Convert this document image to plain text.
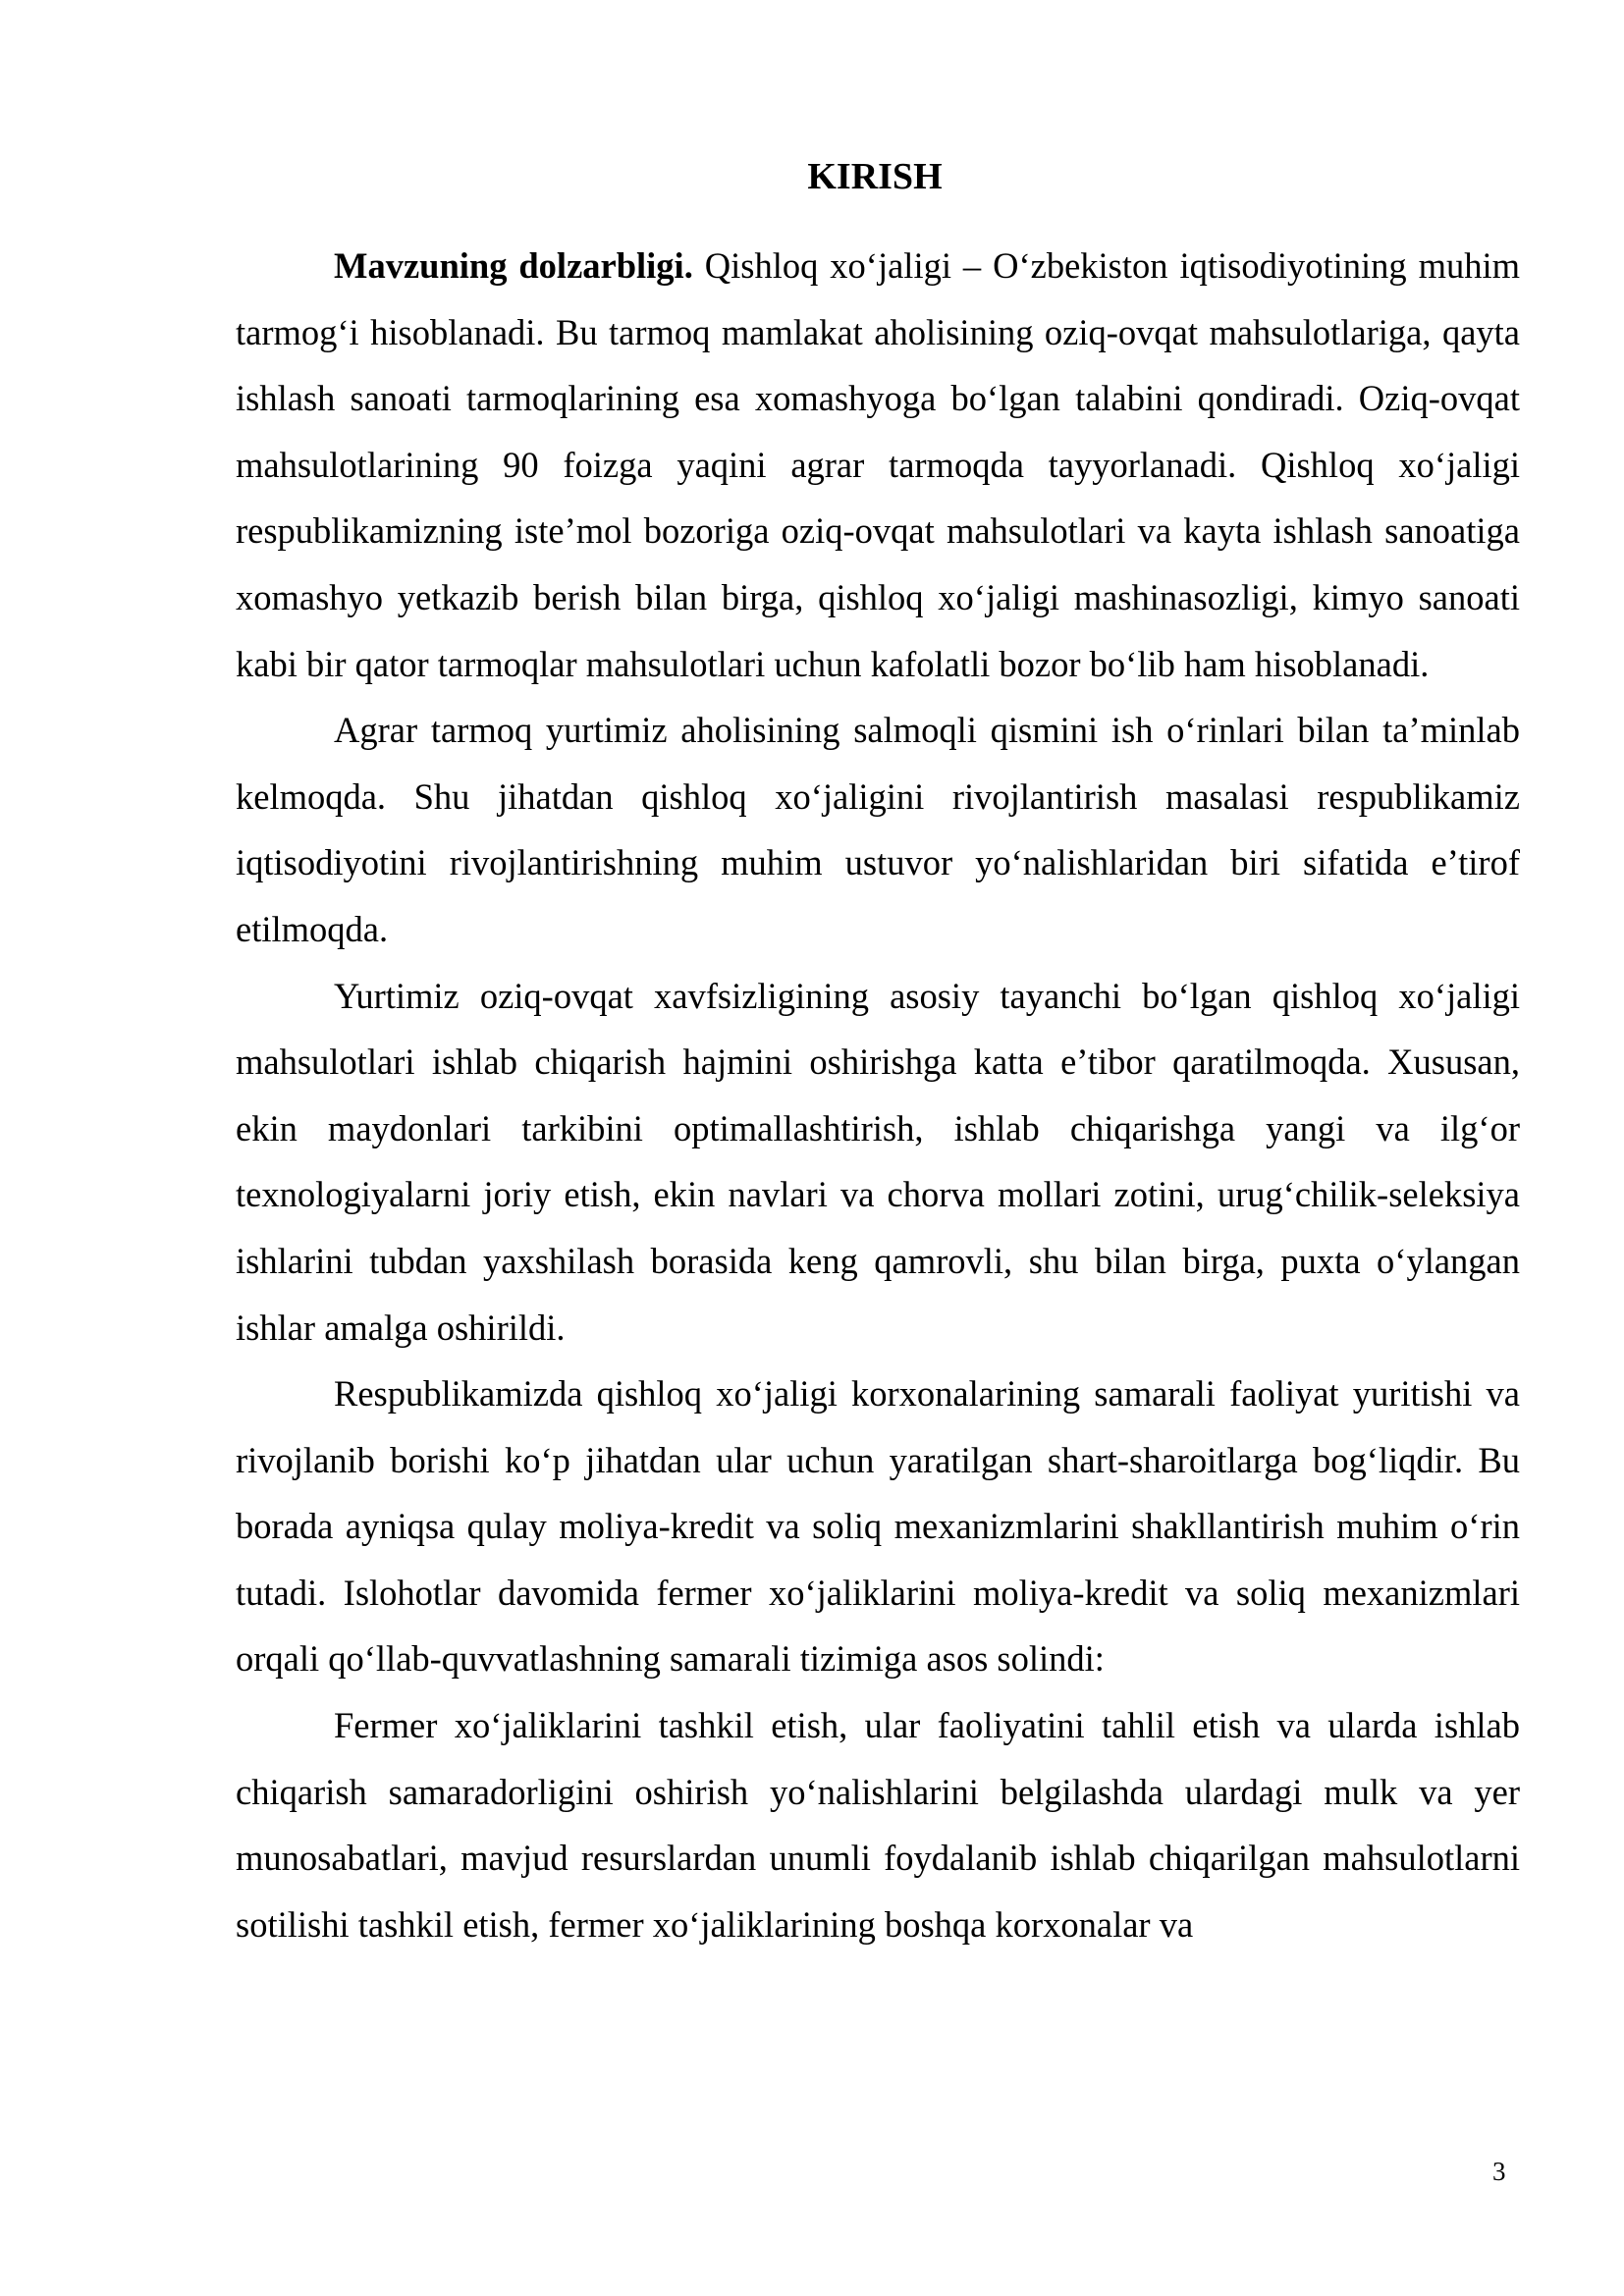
KIRISH

Mavzuning dolzarbligi. Qishloq xo‘jaligi – O‘zbekiston iqtisodiyotining muhim tarmog‘i hisoblanadi. Bu tarmoq mamlakat aholisining oziq-ovqat mahsulotlariga, qayta ishlash sanoati tarmoqlarining esa xomashyoga bo‘lgan talabini qondiradi. Oziq-ovqat mahsulotlarining 90 foizga yaqini agrar tarmoqda tayyorlanadi. Qishloq xo‘jaligi respublikamizning iste’mol bozoriga oziq-ovqat mahsulotlari va kayta ishlash sanoatiga xomashyo yetkazib berish bilan birga, qishloq xo‘jaligi mashinasozligi, kimyo sanoati kabi bir qator tarmoqlar mahsulotlari uchun kafolatli bozor bo‘lib ham hisoblanadi.

Agrar tarmoq yurtimiz aholisining salmoqli qismini ish o‘rinlari bilan ta’minlab kelmoqda. Shu jihatdan qishloq xo‘jaligini rivojlantirish masalasi respublikamiz iqtisodiyotini rivojlantirishning muhim ustuvor yo‘nalishlaridan biri sifatida e’tirof etilmoqda.

Yurtimiz oziq-ovqat xavfsizligining asosiy tayanchi bo‘lgan qishloq xo‘jaligi mahsulotlari ishlab chiqarish hajmini oshirishga katta e’tibor qaratilmoqda. Xususan, ekin maydonlari tarkibini optimallashtirish, ishlab chiqarishga yangi va ilg‘or texnologiyalarni joriy etish, ekin navlari va chorva mollari zotini, urug‘chilik-seleksiya ishlarini tubdan yaxshilash borasida keng qamrovli, shu bilan birga, puxta o‘ylangan ishlar amalga oshirildi.

Respublikamizda qishloq xo‘jaligi korxonalarining samarali faoliyat yuritishi va rivojlanib borishi ko‘p jihatdan ular uchun yaratilgan shart-sharoitlarga bog‘liqdir. Bu borada ayniqsa qulay moliya-kredit va soliq mexanizmlarini shakllantirish muhim o‘rin tutadi. Islohotlar davomida fermer xo‘jaliklarini moliya-kredit va soliq mexanizmlari orqali qo‘llab-quvvatlashning samarali tizimiga asos solindi:

Fermer xo‘jaliklarini tashkil etish, ular faoliyatini tahlil etish va ularda ishlab chiqarish samaradorligini oshirish yo‘nalishlarini belgilashda ulardagi mulk va yer munosabatlari, mavjud resurslardan unumli foydalanib ishlab chiqarilgan mahsulotlarni sotilishi tashkil etish, fermer xo‘jaliklarining boshqa korxonalar va

3
